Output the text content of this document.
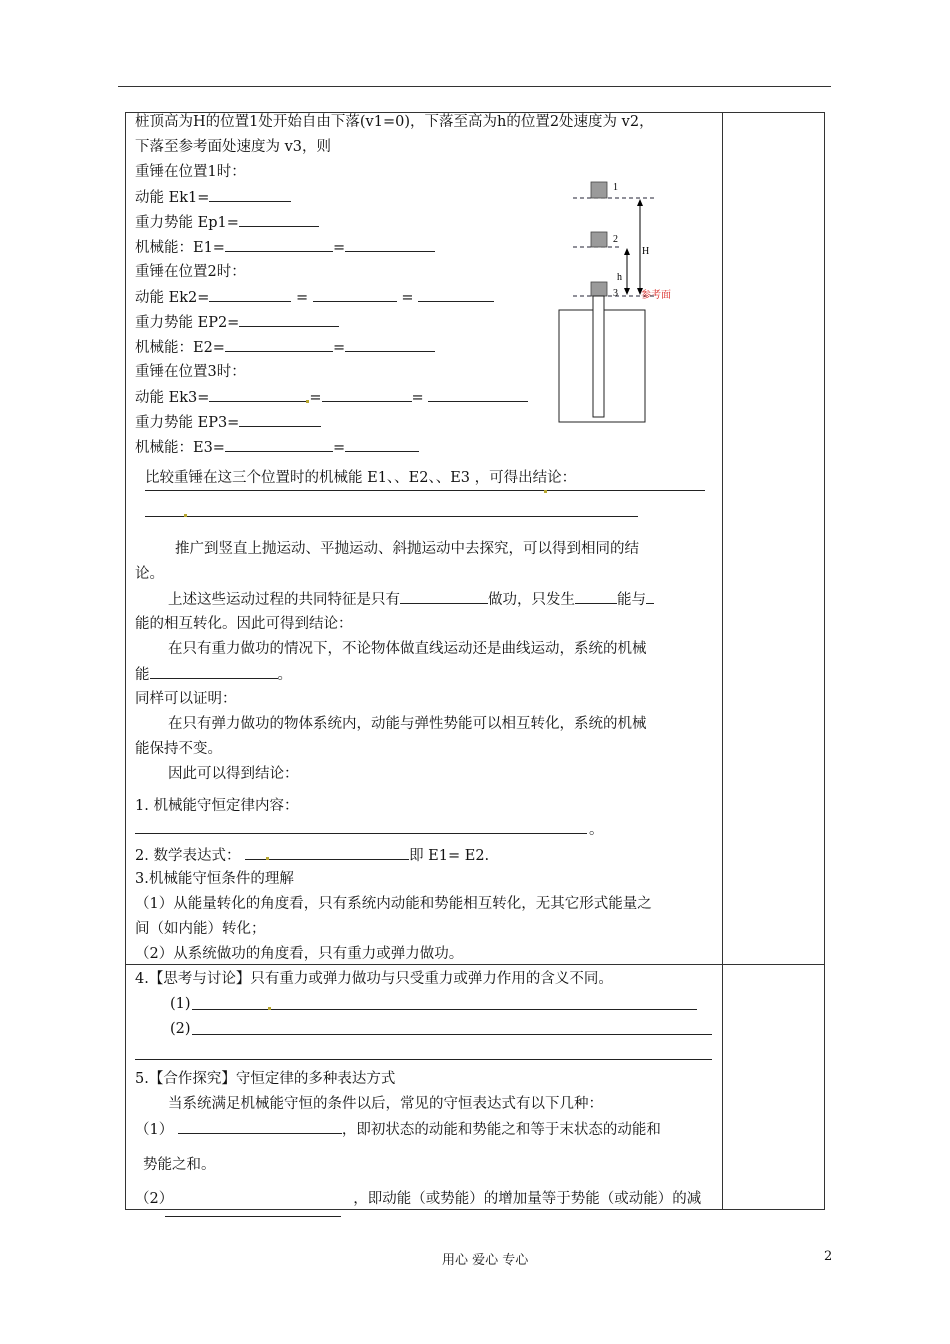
桩顶高为H的位置1处开始自由下落(v1=0)，下落至高为h的位置2处速度为 v2，
下落至参考面处速度为 v3，则
重锤在位置1时：
动能 Ek1=
重力势能 Ep1=
机械能：E1=	=
重锤在位置2时：
动能 Ek2=	=	=
重力势能 EP2=
机械能：E2=	=
重锤在位置3时：
动能 Ek3=	=	=
重力势能 EP3=
机械能：E3=	=
比较重锤在这三个位置时的机械能 E1、、E2、、E3 ，可得出结论：
推广到竖直上抛运动、平抛运动、斜抛运动中去探究，可以得到相同的结
论。
上述这些运动过程的共同特征是只有	做功，只发生	能与
能的相互转化。因此可得到结论：
在只有重力做功的情况下，不论物体做直线运动还是曲线运动，系统的机械
能	。
同样可以证明：
在只有弹力做功的物体系统内，动能与弹性势能可以相互转化，系统的机械
能保持不变。
因此可以得到结论：
1. 机械能守恒定律内容：
。
2. 数学表达式：	即 E1= E2.
3.机械能守恒条件的理解
（1）从能量转化的角度看，只有系统内动能和势能相互转化，无其它形式能量之
间（如内能）转化；
（2）从系统做功的角度看，只有重力或弹力做功。
4.【思考与讨论】只有重力或弹力做功与只受重力或弹力作用的含义不同。
(1)
(2)
5.【合作探究】守恒定律的多种表达方式
当系统满足机械能守恒的条件以后，常见的守恒表达式有以下几种：
（1）	，即初状态的动能和势能之和等于末状态的动能和
势能之和。
（2）	，即动能（或势能）的增加量等于势能（或动能）的减
1
2
3
H
h
参考面
用心 爱心 专心	2
